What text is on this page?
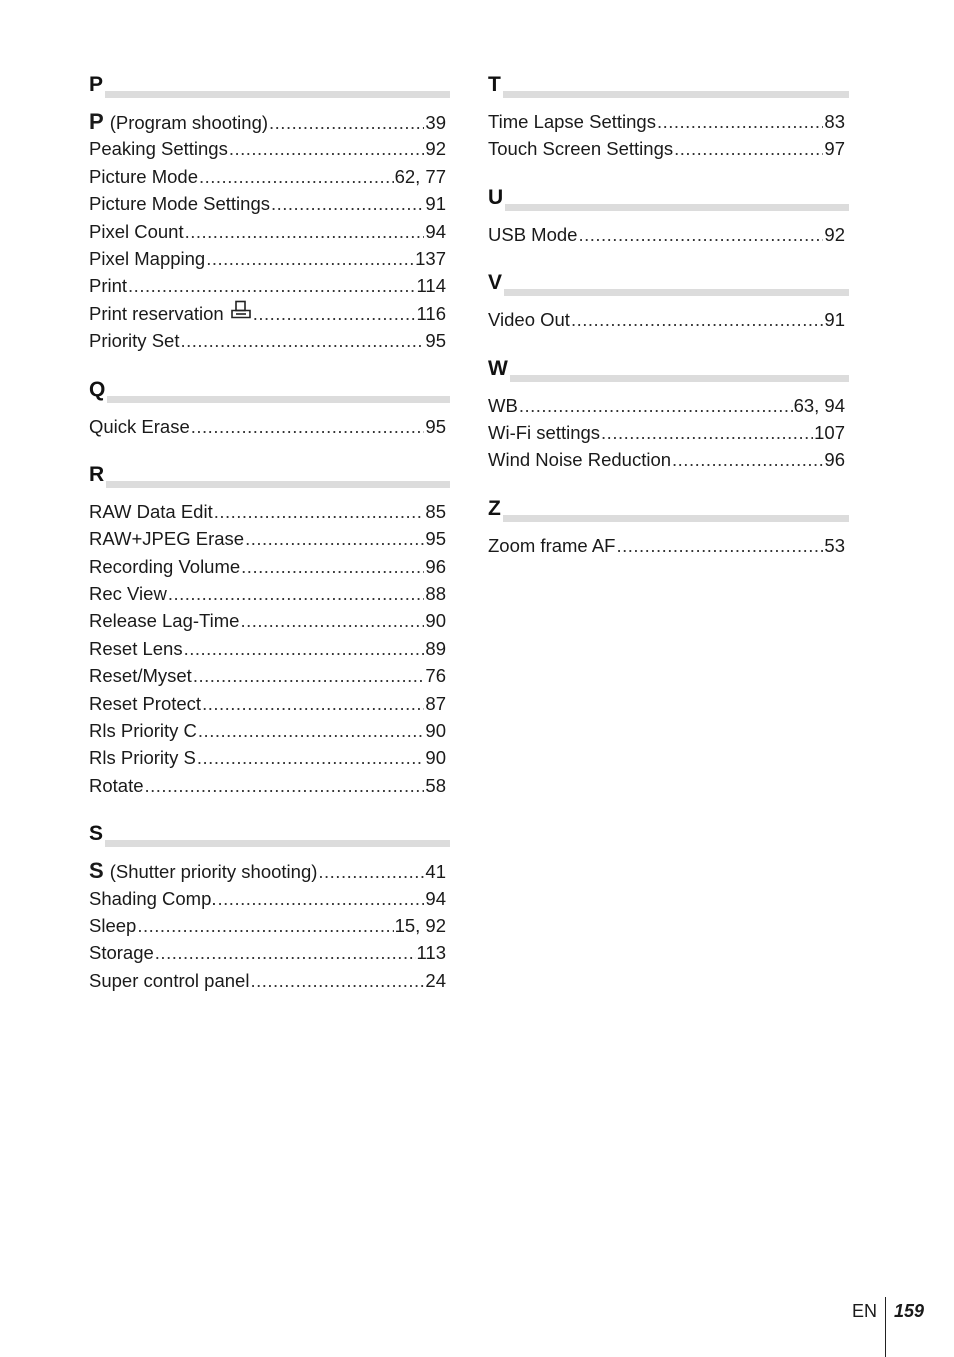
P
P (Program shooting) .....	39
Peaking Settings .....	92
Picture Mode .....	62, 77
Picture Mode Settings .....	91
Pixel Count .....	94
Pixel Mapping .....	137
Print .....	114
Print reservation .....	116
Priority Set .....	95
Q
Quick Erase .....	95
R
RAW Data Edit .....	85
RAW+JPEG Erase .....	95
Recording Volume .....	96
Rec View .....	88
Release Lag-Time .....	90
Reset Lens .....	89
Reset/Myset .....	76
Reset Protect .....	87
Rls Priority C .....	90
Rls Priority S .....	90
Rotate .....	58
S
S (Shutter priority shooting) .....	41
Shading Comp. .....	94
Sleep .....	15, 92
Storage .....	113
Super control panel .....	24
T
Time Lapse Settings .....	83
Touch Screen Settings .....	97
U
USB Mode .....	92
V
Video Out .....	91
W
WB .....	63, 94
Wi-Fi settings .....	107
Wind Noise Reduction .....	96
Z
Zoom frame AF .....	53
EN 159
